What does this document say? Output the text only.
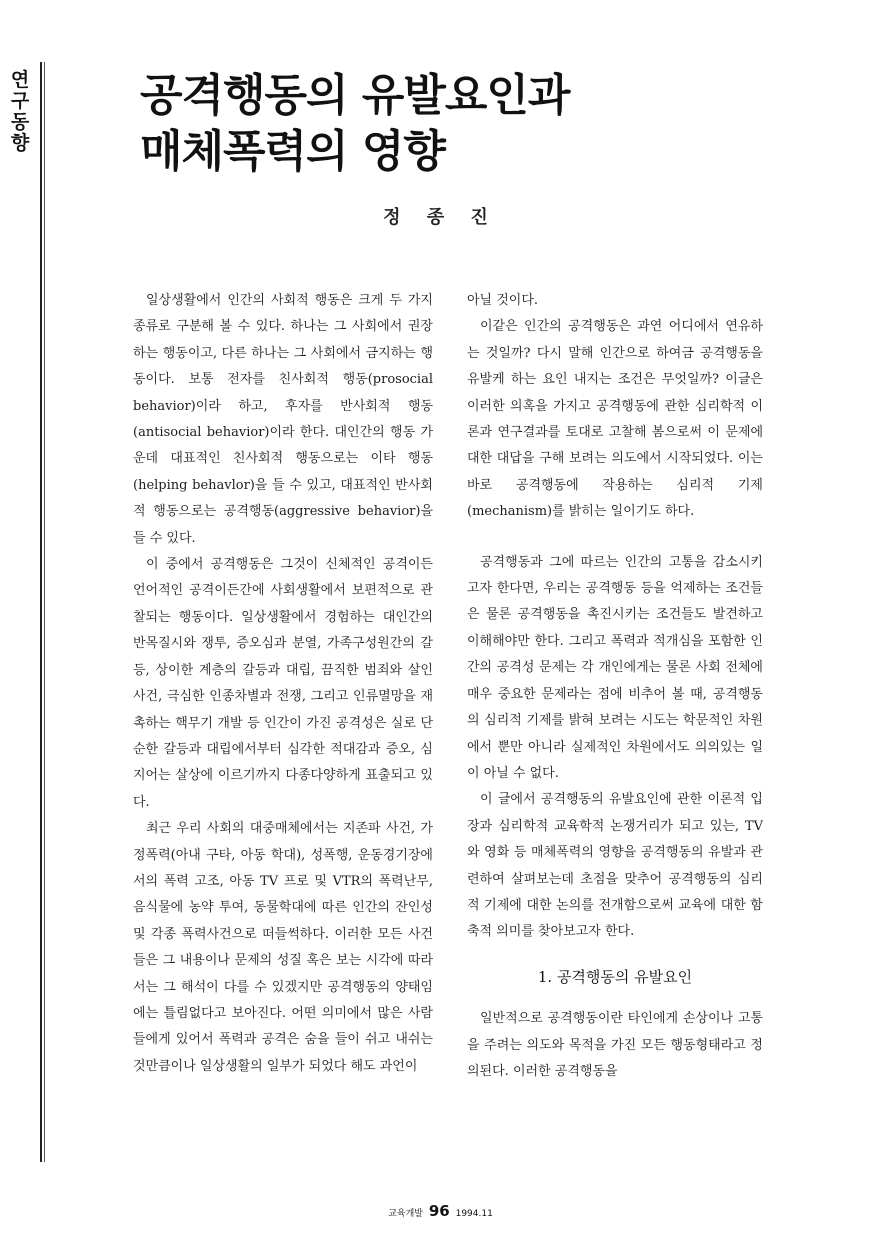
연
구
동
향
공격행동의 유발요인과
매체폭력의 영향
정 종 진

일상생활에서 인간의 사회적 행동은 크게 두 가지 종류로 구분해 볼 수 있다. 하나는 그 사회에서 권장하는 행동이고, 다른 하나는 그 사회에서 금지하는 행동이다. 보통 전자를 친사회적 행동(prosocial behavior)이라 하고, 후자를 반사회적 행동(antisocial behavior)이라 한다. 대인간의 행동 가운데 대표적인 친사회적 행동으로는 이타 행동(helping behavlor)을 들 수 있고, 대표적인 반사회적 행동으로는 공격행동(aggressive behavior)을 들 수 있다.

이 중에서 공격행동은 그것이 신체적인 공격이든 언어적인 공격이든간에 사회생활에서 보편적으로 관찰되는 행동이다. 일상생활에서 경험하는 대인간의 반목질시와 쟁투, 증오심과 분열, 가족구성원간의 갈등, 상이한 계층의 갈등과 대립, 끔직한 범죄와 살인사건, 극심한 인종차별과 전쟁, 그리고 인류멸망을 재촉하는 핵무기 개발 등 인간이 가진 공격성은 실로 단순한 갈등과 대립에서부터 심각한 적대감과 증오, 심지어는 살상에 이르기까지 다종다양하게 표출되고 있다.

최근 우리 사회의 대중매체에서는 지존파 사건, 가정폭력(아내 구타, 아동 학대), 성폭행, 운동경기장에서의 폭력 고조, 아동 TV 프로 및 VTR의 폭력난무, 음식물에 농약 투여, 동물학대에 따른 인간의 잔인성 및 각종 폭력사건으로 떠들썩하다. 이러한 모든 사건들은 그 내용이나 문제의 성질 혹은 보는 시각에 따라서는 그 해석이 다를 수 있겠지만 공격행동의 양태임에는 틀림없다고 보아진다. 어떤 의미에서 많은 사람들에게 있어서 폭력과 공격은 숨을 들이 쉬고 내쉬는 것만큼이나 일상생활의 일부가 되었다 해도 과언이

아닐 것이다.

이같은 인간의 공격행동은 과연 어디에서 연유하는 것일까? 다시 말해 인간으로 하여금 공격행동을 유발케 하는 요인 내지는 조건은 무엇일까? 이글은 이러한 의혹을 가지고 공격행동에 관한 심리학적 이론과 연구결과를 토대로 고찰해 봄으로써 이 문제에 대한 대답을 구해 보려는 의도에서 시작되었다. 이는 바로 공격행동에 작용하는 심리적 기제(mechanism)를 밝히는 일이기도 하다.

공격행동과 그에 따르는 인간의 고통을 감소시키고자 한다면, 우리는 공격행동 등을 억제하는 조건들은 물론 공격행동을 촉진시키는 조건들도 발견하고 이해해야만 한다. 그리고 폭력과 적개심을 포함한 인간의 공격성 문제는 각 개인에게는 물론 사회 전체에 매우 중요한 문제라는 점에 비추어 볼 때, 공격행동의 심리적 기제를 밝혀 보려는 시도는 학문적인 차원에서 뿐만 아니라 실제적인 차원에서도 의의있는 일이 아닐 수 없다.

이 글에서 공격행동의 유발요인에 관한 이론적 입장과 심리학적 교육학적 논쟁거리가 되고 있는, TV와 영화 등 매체폭력의 영향을 공격행동의 유발과 관련하여 살펴보는데 초점을 맞추어 공격행동의 심리적 기제에 대한 논의를 전개함으로써 교육에 대한 함축적 의미를 찾아보고자 한다.

1. 공격행동의 유발요인

일반적으로 공격행동이란 타인에게 손상이나 고통을 주려는 의도와 목적을 가진 모든 행동형태라고 정의된다. 이러한 공격행동을

교육개발 96 1994.11
